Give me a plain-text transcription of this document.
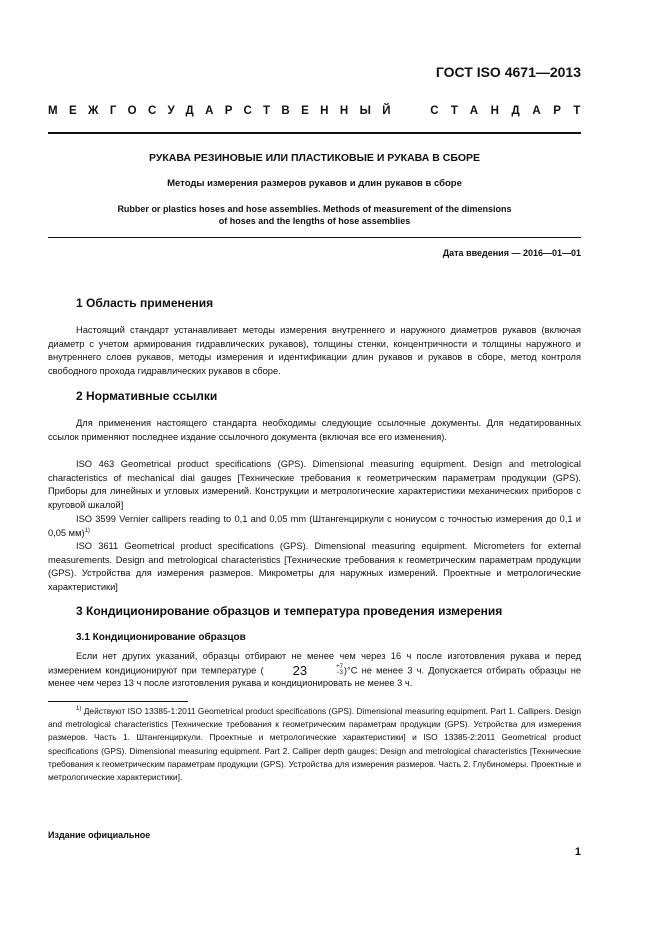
ГОСТ ISO 4671—2013
МЕЖГОСУДАРСТВЕННЫЙ СТАНДАРТ
РУКАВА РЕЗИНОВЫЕ ИЛИ ПЛАСТИКОВЫЕ И РУКАВА В СБОРЕ
Методы измерения размеров рукавов и длин рукавов в сборе
Rubber or plastics hoses and hose assemblies. Methods of measurement of the dimensions
of hoses and the lengths of hose assemblies
Дата введения — 2016—01—01
1 Область применения

Настоящий стандарт устанавливает методы измерения внутреннего и наружного диаметров рукавов (включая диаметр с учетом армирования гидравлических рукавов), толщины стенки, концентричности и толщины наружного и внутреннего слоев рукавов, методы измерения и идентификации длин рукавов и рукавов в сборе, метод контроля свободного прохода гидравлических рукавов в сборе.

2 Нормативные ссылки

Для применения настоящего стандарта необходимы следующие ссылочные документы. Для недатированных ссылок применяют последнее издание ссылочного документа (включая все его изменения).

ISO 463 Geometrical product specifications (GPS). Dimensional measuring equipment. Design and metrological characteristics of mechanical dial gauges [Технические требования к геометрическим параметрам продукции (GPS). Приборы для линейных и угловых измерений. Конструкции и метрологические характеристики механических приборов с круговой шкалой]

ISO 3599 Vernier callipers reading to 0,1 and 0,05 mm (Штангенциркули с нониусом с точностью измерения до 0,1 и 0,05 мм)$^{1)}$

ISO 3611 Geometrical product specifications (GPS). Dimensional measuring equipment. Micrometers for external measurements. Design and metrological characteristics [Технические требования к геометрическим параметрам продукции (GPS). Устройства для измерения размеров. Микрометры для наружных измерений. Проектные и метрологические характеристики]

3 Кондиционирование образцов и температура проведения измерения
3.1 Кондиционирование образцов

Если нет других указаний, образцы отбирают не менее чем через 16 ч после изготовления рукава и перед измерением кондиционируют при температуре (	23	+7
−3 )°C не менее 3 ч. Допускается отбирать образцы не менее чем через 13 ч после изготовления рукава и кондиционировать не менее 3 ч.

$^{1)}$ Действуют ISO 13385-1:2011 Geometrical product specifications (GPS). Dimensional measuring equipment. Part 1. Callipers. Design and metrological characteristics [Технические требования к геометрическим параметрам продукции (GPS). Устройства для измерения размеров. Часть 1. Штангенциркули. Проектные и метрологические характеристики] и ISO 13385-2:2011 Geometrical product specifications (GPS). Dimensional measuring equipment. Part 2. Calliper depth gauges; Design and metrological characteristics [Технические требования к геометрическим параметрам продукции (GPS). Устройства для измерения размеров. Часть 2. Глубиномеры. Проектные и метрологические характеристики].

Издание официальное
1
